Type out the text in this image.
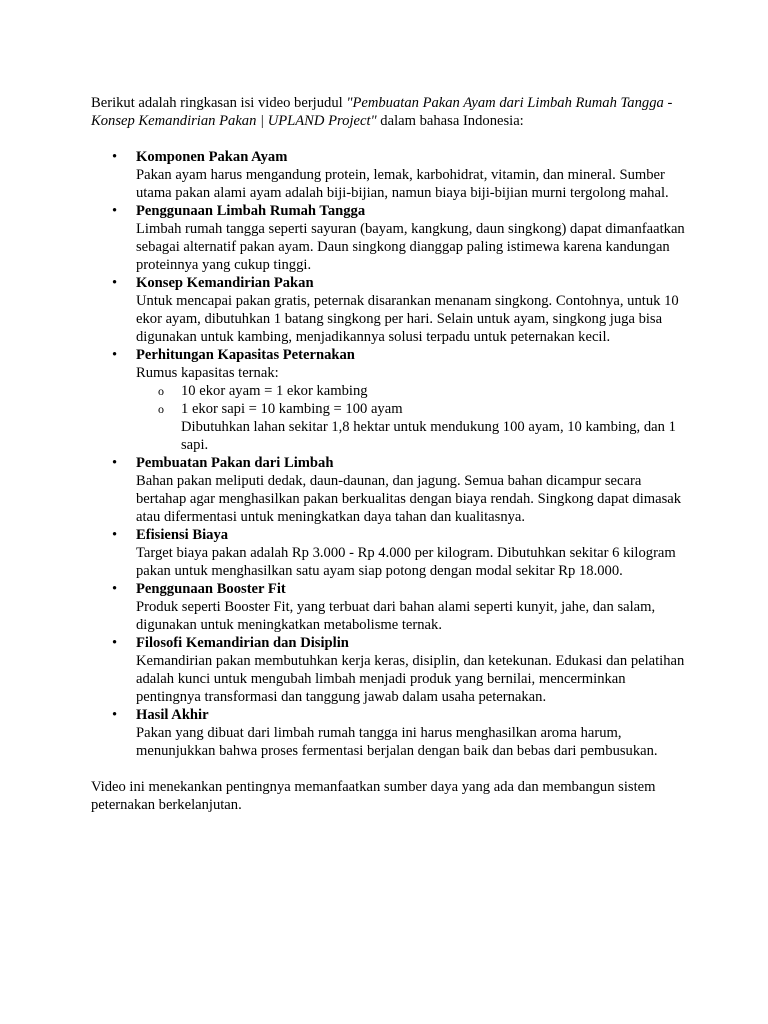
Berikut adalah ringkasan isi video berjudul "Pembuatan Pakan Ayam dari Limbah Rumah Tangga - Konsep Kemandirian Pakan | UPLAND Project" dalam bahasa Indonesia:

• Komponen Pakan Ayam
Pakan ayam harus mengandung protein, lemak, karbohidrat, vitamin, dan mineral. Sumber utama pakan alami ayam adalah biji-bijian, namun biaya biji-bijian murni tergolong mahal.
• Penggunaan Limbah Rumah Tangga
Limbah rumah tangga seperti sayuran (bayam, kangkung, daun singkong) dapat dimanfaatkan sebagai alternatif pakan ayam. Daun singkong dianggap paling istimewa karena kandungan proteinnya yang cukup tinggi.
• Konsep Kemandirian Pakan
Untuk mencapai pakan gratis, peternak disarankan menanam singkong. Contohnya, untuk 10 ekor ayam, dibutuhkan 1 batang singkong per hari. Selain untuk ayam, singkong juga bisa digunakan untuk kambing, menjadikannya solusi terpadu untuk peternakan kecil.
• Perhitungan Kapasitas Peternakan
Rumus kapasitas ternak:
o 10 ekor ayam = 1 ekor kambing
o 1 ekor sapi = 10 kambing = 100 ayam
Dibutuhkan lahan sekitar 1,8 hektar untuk mendukung 100 ayam, 10 kambing, dan 1 sapi.
• Pembuatan Pakan dari Limbah
Bahan pakan meliputi dedak, daun-daunan, dan jagung. Semua bahan dicampur secara bertahap agar menghasilkan pakan berkualitas dengan biaya rendah. Singkong dapat dimasak atau difermentasi untuk meningkatkan daya tahan dan kualitasnya.
• Efisiensi Biaya
Target biaya pakan adalah Rp 3.000 - Rp 4.000 per kilogram. Dibutuhkan sekitar 6 kilogram pakan untuk menghasilkan satu ayam siap potong dengan modal sekitar Rp 18.000.
• Penggunaan Booster Fit
Produk seperti Booster Fit, yang terbuat dari bahan alami seperti kunyit, jahe, dan salam, digunakan untuk meningkatkan metabolisme ternak.
• Filosofi Kemandirian dan Disiplin
Kemandirian pakan membutuhkan kerja keras, disiplin, dan ketekunan. Edukasi dan pelatihan adalah kunci untuk mengubah limbah menjadi produk yang bernilai, mencerminkan pentingnya transformasi dan tanggung jawab dalam usaha peternakan.
• Hasil Akhir
Pakan yang dibuat dari limbah rumah tangga ini harus menghasilkan aroma harum, menunjukkan bahwa proses fermentasi berjalan dengan baik dan bebas dari pembusukan.

Video ini menekankan pentingnya memanfaatkan sumber daya yang ada dan membangun sistem peternakan berkelanjutan.
